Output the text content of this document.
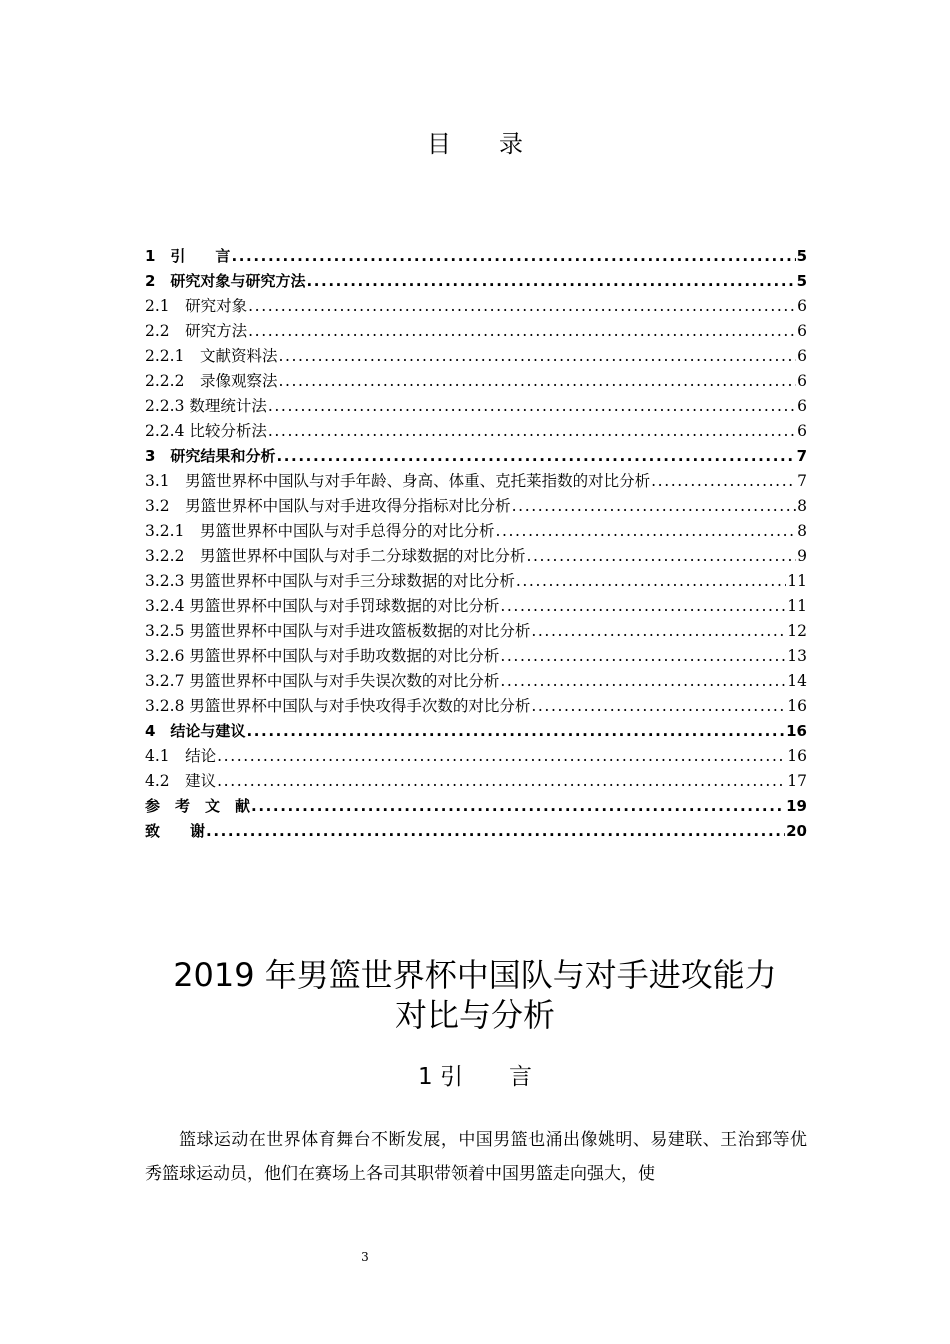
目　　录
1　引　　言 .....	5
2　研究对象与研究方法 .....	5
2.1　研究对象 .....	6
2.2　研究方法 .....	6
2.2.1　文献资料法 .....	6
2.2.2　录像观察法 .....	6
2.2.3 数理统计法 .....	6
2.2.4 比较分析法 .....	6
3　研究结果和分析 .....	7
3.1　男篮世界杯中国队与对手年龄、身高、体重、克托莱指数的对比分析 .....	7
3.2　男篮世界杯中国队与对手进攻得分指标对比分析 .....	8
3.2.1　男篮世界杯中国队与对手总得分的对比分析 .....	8
3.2.2　男篮世界杯中国队与对手二分球数据的对比分析 .....	9
3.2.3 男篮世界杯中国队与对手三分球数据的对比分析 .....	11
3.2.4 男篮世界杯中国队与对手罚球数据的对比分析 .....	11
3.2.5 男篮世界杯中国队与对手进攻篮板数据的对比分析 .....	12
3.2.6 男篮世界杯中国队与对手助攻数据的对比分析 .....	13
3.2.7 男篮世界杯中国队与对手失误次数的对比分析 .....	14
3.2.8 男篮世界杯中国队与对手快攻得手次数的对比分析 .....	16
4　结论与建议 .....	16
4.1　结论 .....	16
4.2　建议 .....	17
参　考　文　献 .....	19
致　　谢 .....	20
2019 年男篮世界杯中国队与对手进攻能力
对比与分析
1 引　　言

篮球运动在世界体育舞台不断发展，中国男篮也涌出像姚明、易建联、王治郅等优秀篮球运动员，他们在赛场上各司其职带领着中国男篮走向强大，使

3
